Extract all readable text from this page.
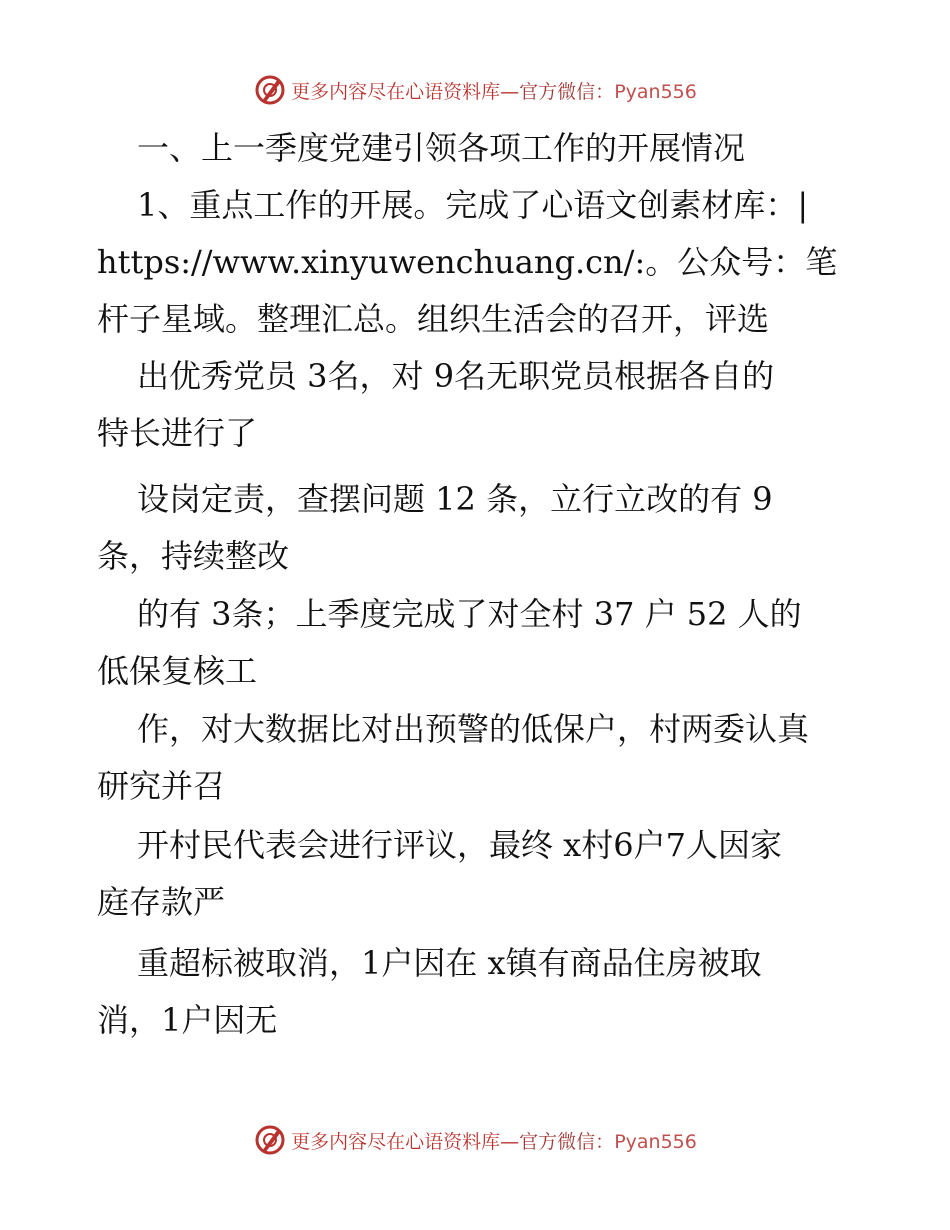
更多内容尽在心语资料库—官方微信：Pyan556
一、上一季度党建引领各项工作的开展情况
1、重点工作的开展。完成了心语文创素材库：|
https://www.xinyuwenchuang.cn/:。公众号：笔
杆子星域。整理汇总。组织生活会的召开，评选
出优秀党员 3名，对 9名无职党员根据各自的
特长进行了
设岗定责，查摆问题 12 条，立行立改的有 9
条，持续整改
的有 3条；上季度完成了对全村 37 户 52 人的
低保复核工
作，对大数据比对出预警的低保户，村两委认真
研究并召
开村民代表会进行评议，最终 x村6户7人因家
庭存款严
重超标被取消，1户因在 x镇有商品住房被取
消，1户因无
更多内容尽在心语资料库—官方微信：Pyan556
